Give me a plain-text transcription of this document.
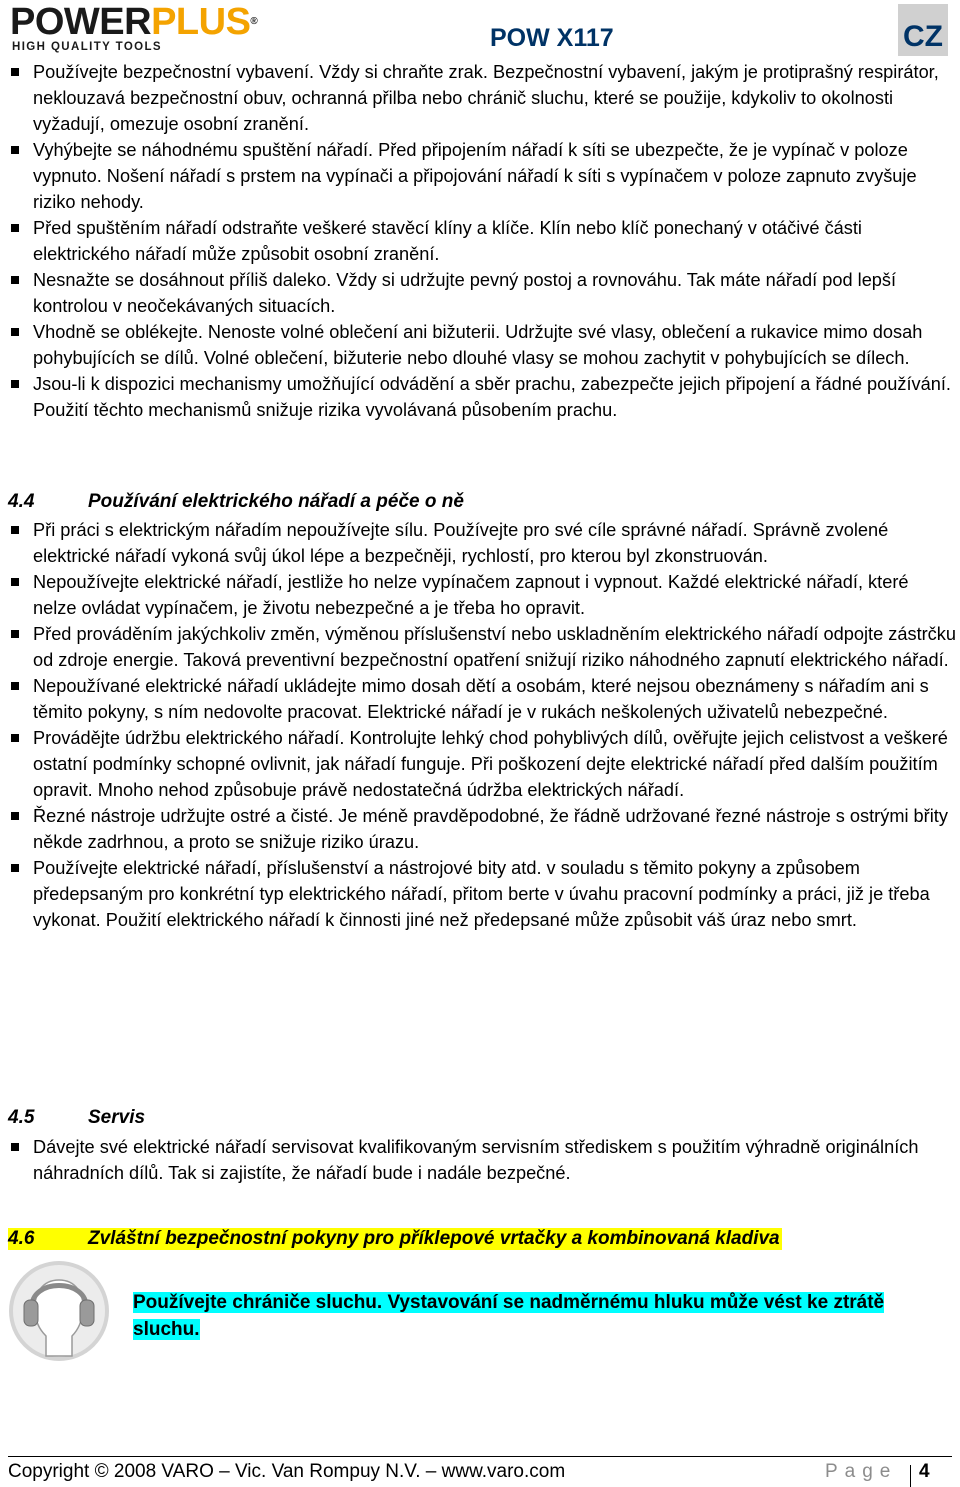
POWERPLUS®
HIGH QUALITY TOOLS	POW X117	CZ
Používejte bezpečnostní vybavení. Vždy si chraňte zrak. Bezpečnostní vybavení, jakým je protiprašný respirátor, neklouzavá bezpečnostní obuv, ochranná přilba nebo chránič sluchu, které se použije, kdykoliv to okolnosti vyžadují, omezuje osobní zranění.
Vyhýbejte se náhodnému spuštění nářadí. Před připojením nářadí k síti se ubezpečte, že je vypínač v poloze vypnuto. Nošení nářadí s prstem na vypínači a připojování nářadí k síti s vypínačem v poloze zapnuto zvyšuje riziko nehody.
Před spuštěním nářadí odstraňte veškeré stavěcí klíny a klíče. Klín nebo klíč ponechaný v otáčivé části elektrického nářadí může způsobit osobní zranění.
Nesnažte se dosáhnout příliš daleko. Vždy si udržujte pevný postoj a rovnováhu. Tak máte nářadí pod lepší kontrolou v neočekávaných situacích.
Vhodně se oblékejte. Nenoste volné oblečení ani bižuterii. Udržujte své vlasy, oblečení a rukavice mimo dosah pohybujících se dílů. Volné oblečení, bižuterie nebo dlouhé vlasy se mohou zachytit v pohybujících se dílech.
Jsou-li k dispozici mechanismy umožňující odvádění a sběr prachu, zabezpečte jejich připojení a řádné používání. Použití těchto mechanismů snižuje rizika vyvolávaná působením prachu.
4.4	Používání elektrického nářadí a péče o ně
Při práci s elektrickým nářadím nepoužívejte sílu. Používejte pro své cíle správné nářadí. Správně zvolené elektrické nářadí vykoná svůj úkol lépe a bezpečněji, rychlostí, pro kterou byl zkonstruován.
Nepoužívejte elektrické nářadí, jestliže ho nelze vypínačem zapnout i vypnout. Každé elektrické nářadí, které nelze ovládat vypínačem, je životu nebezpečné a je třeba ho opravit.
Před prováděním jakýchkoliv změn, výměnou příslušenství nebo uskladněním elektrického nářadí odpojte zástrčku od zdroje energie. Taková preventivní bezpečnostní opatření snižují riziko náhodného zapnutí elektrického nářadí.
Nepoužívané elektrické nářadí ukládejte mimo dosah dětí a osobám, které nejsou obeznámeny s nářadím ani s těmito pokyny, s ním nedovolte pracovat. Elektrické nářadí je v rukách neškolených uživatelů nebezpečné.
Provádějte údržbu elektrického nářadí. Kontrolujte lehký chod pohyblivých dílů, ověřujte jejich celistvost a veškeré ostatní podmínky schopné ovlivnit, jak nářadí funguje. Při poškození dejte elektrické nářadí před dalším použitím opravit. Mnoho nehod způsobuje právě nedostatečná údržba elektrických nářadí.
Řezné nástroje udržujte ostré a čisté. Je méně pravděpodobné, že řádně udržované řezné nástroje s ostrými břity někde zadrhnou, a proto se snižuje riziko úrazu.
Používejte elektrické nářadí, příslušenství a nástrojové bity atd. v souladu s těmito pokyny a způsobem předepsaným pro konkrétní typ elektrického nářadí, přitom berte v úvahu pracovní podmínky a práci, již je třeba vykonat. Použití elektrického nářadí k činnosti jiné než předepsané může způsobit váš úraz nebo smrt.
4.5	Servis
Dávejte své elektrické nářadí servisovat kvalifikovaným servisním střediskem s použitím výhradně originálních náhradních dílů. Tak si zajistíte, že nářadí bude i nadále bezpečné.
4.6	Zvláštní bezpečnostní pokyny pro příklepové vrtačky a kombinovaná kladiva
Používejte chrániče sluchu. Vystavování se nadměrnému hluku může vést ke ztrátě sluchu.
Copyright © 2008 VARO – Vic. Van Rompuy N.V. – www.varo.com	Page 4
